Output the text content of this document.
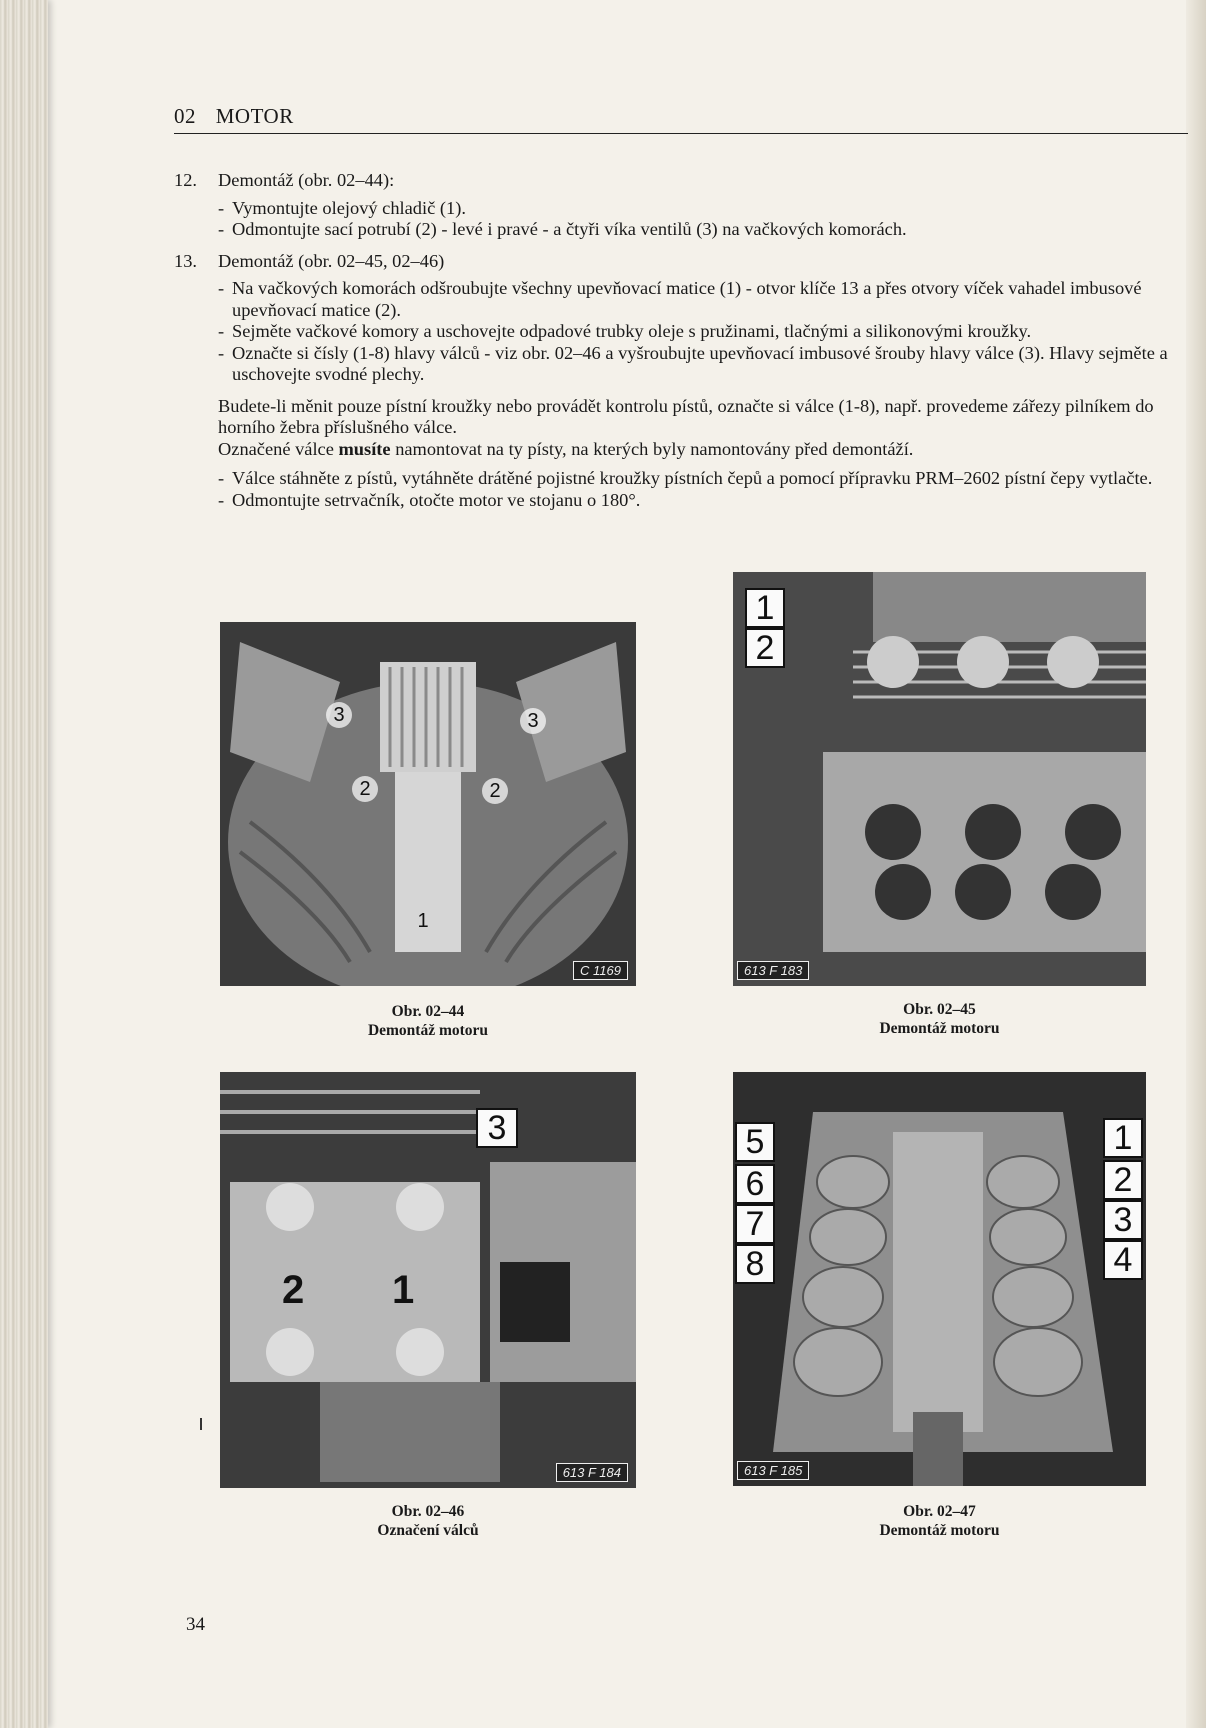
02 MOTOR
12.	Demontáž (obr. 02–44):
- Vymontujte olejový chladič (1).
- Odmontujte sací potrubí (2) - levé i pravé - a čtyři víka ventilů (3) na vačkových komorách.
13.	Demontáž (obr. 02–45, 02–46)
- Na vačkových komorách odšroubujte všechny upevňovací matice (1) - otvor klíče 13 a přes otvory víček vahadel imbusové upevňovací matice (2).
- Sejměte vačkové komory a uschovejte odpadové trubky oleje s pružinami, tlačnými a silikonovými kroužky.
- Označte si čísly (1-8) hlavy válců - viz obr. 02–46 a vyšroubujte upevňovací imbusové šrouby hlavy válce (3). Hlavy sejměte a uschovejte svodné plechy.
Budete-li měnit pouze pístní kroužky nebo provádět kontrolu pístů, označte si válce (1-8), např. provedeme zářezy pilníkem do horního žebra příslušného válce.
Označené válce musíte namontovat na ty písty, na kterých byly namontovány před demontáží.
- Válce stáhněte z pístů, vytáhněte drátěné pojistné kroužky pístních čepů a pomocí přípravku PRM–2602 pístní čepy vytlačte.
- Odmontujte setrvačník, otočte motor ve stojanu o 180°.
3	3
2	2
1
C 1169
Obr. 02–44
Demontáž motoru
1
2
613 F 183
Obr. 02–45
Demontáž motoru
3
2 1
613 F 184
Obr. 02–46
Označení válců
5
6
7
8
1
2
3
4
613 F 185
Obr. 02–47
Demontáž motoru
34
